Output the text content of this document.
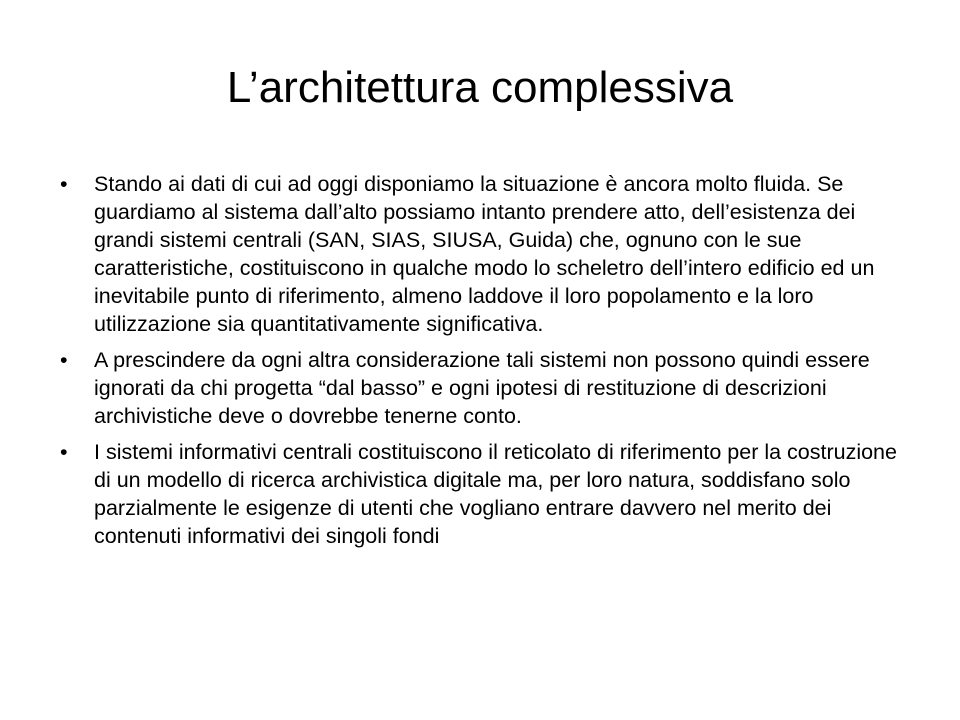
L’architettura complessiva
•	Stando ai dati di cui ad oggi disponiamo la situazione è ancora molto fluida. Se guardiamo al sistema dall’alto possiamo intanto prendere atto, dell’esistenza dei grandi sistemi centrali (SAN, SIAS, SIUSA, Guida) che, ognuno con le sue caratteristiche, costituiscono in qualche modo lo scheletro dell’intero edificio ed un inevitabile punto di riferimento, almeno laddove il loro popolamento e la loro utilizzazione sia quantitativamente significativa.
•	A prescindere da ogni altra considerazione tali sistemi non possono quindi essere ignorati da chi progetta “dal basso” e ogni ipotesi di restituzione di descrizioni archivistiche deve o dovrebbe tenerne conto.
•	I sistemi informativi centrali costituiscono il reticolato di riferimento per la costruzione di un modello di ricerca archivistica digitale ma, per loro natura, soddisfano solo parzialmente le esigenze di utenti che vogliano entrare davvero nel merito dei contenuti informativi dei singoli fondi
